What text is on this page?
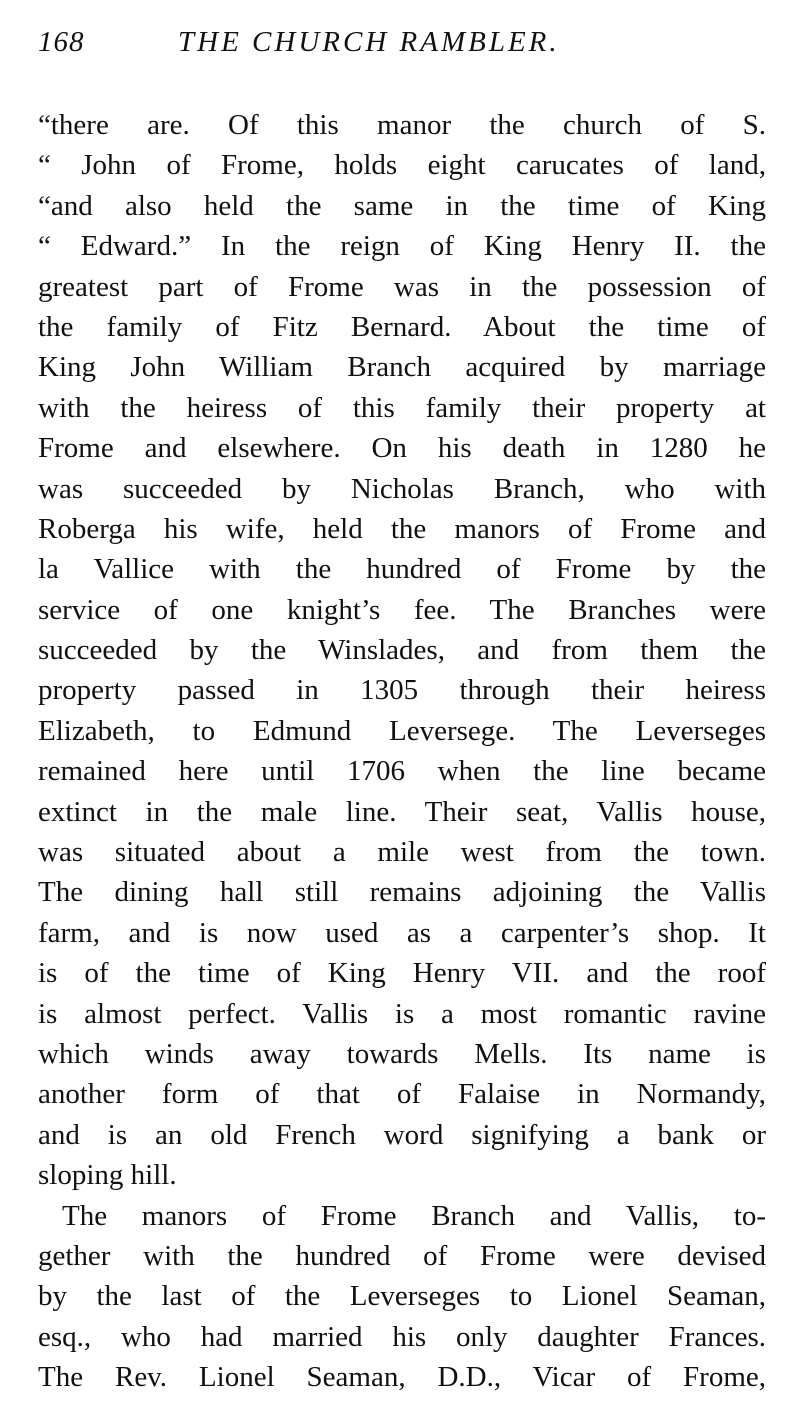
168	THE CHURCH RAMBLER.
“there are. Of this manor the church of S.
“ John of Frome, holds eight carucates of land,
“and also held the same in the time of King
“ Edward.” In the reign of King Henry II. the
greatest part of Frome was in the possession of
the family of Fitz Bernard. About the time of
King John William Branch acquired by marriage
with the heiress of this family their property at
Frome and elsewhere. On his death in 1280 he
was succeeded by Nicholas Branch, who with
Roberga his wife, held the manors of Frome and
la Vallice with the hundred of Frome by the
service of one knight’s fee. The Branches were
succeeded by the Winslades, and from them the
property passed in 1305 through their heiress
Elizabeth, to Edmund Leversege. The Leverseges
remained here until 1706 when the line became
extinct in the male line. Their seat, Vallis house,
was situated about a mile west from the town.
The dining hall still remains adjoining the Vallis
farm, and is now used as a carpenter’s shop. It
is of the time of King Henry VII. and the roof
is almost perfect. Vallis is a most romantic ravine
which winds away towards Mells. Its name is
another form of that of Falaise in Normandy,
and is an old French word signifying a bank or
sloping hill.
The manors of Frome Branch and Vallis, to-
gether with the hundred of Frome were devised
by the last of the Leverseges to Lionel Seaman,
esq., who had married his only daughter Frances.
The Rev. Lionel Seaman, D.D., Vicar of Frome,
